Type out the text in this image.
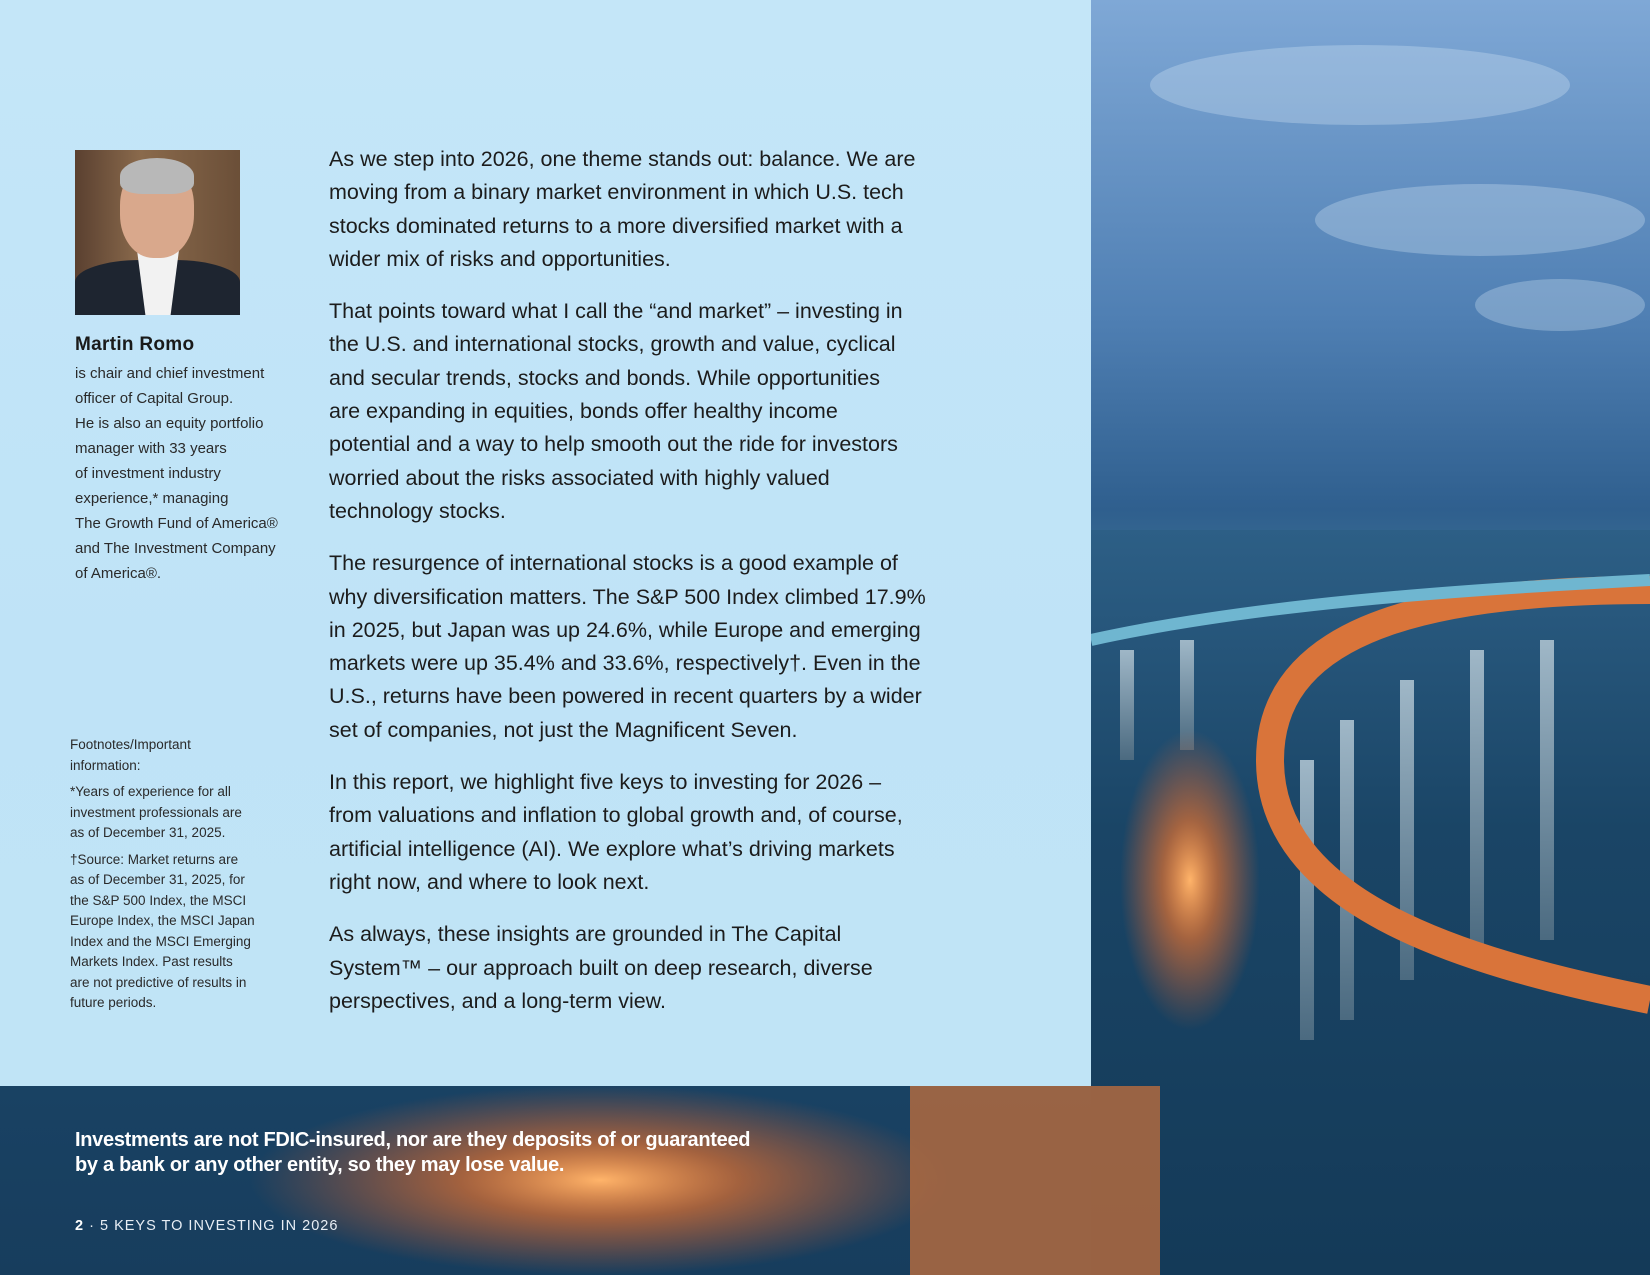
Martin Romo
is chair and chief investment
officer of Capital Group.
He is also an equity portfolio
manager with 33 years
of investment industry
experience,* managing
The Growth Fund of America®
and The Investment Company
of America®.
Footnotes/Important
information:
*Years of experience for all
investment professionals are
as of December 31, 2025.
†Source: Market returns are
as of December 31, 2025, for
the S&P 500 Index, the MSCI
Europe Index, the MSCI Japan
Index and the MSCI Emerging
Markets Index. Past results
are not predictive of results in
future periods.

As we step into 2026, one theme stands out: balance. We are
moving from a binary market environment in which U.S. tech
stocks dominated returns to a more diversified market with a
wider mix of risks and opportunities.

That points toward what I call the “and market” – investing in
the U.S. and international stocks, growth and value, cyclical
and secular trends, stocks and bonds. While opportunities
are expanding in equities, bonds offer healthy income
potential and a way to help smooth out the ride for investors
worried about the risks associated with highly valued
technology stocks.

The resurgence of international stocks is a good example of
why diversification matters. The S&P 500 Index climbed 17.9%
in 2025, but Japan was up 24.6%, while Europe and emerging
markets were up 35.4% and 33.6%, respectively†. Even in the
U.S., returns have been powered in recent quarters by a wider
set of companies, not just the Magnificent Seven.

In this report, we highlight five keys to investing for 2026 –
from valuations and inflation to global growth and, of course,
artificial intelligence (AI). We explore what’s driving markets
right now, and where to look next.

As always, these insights are grounded in The Capital
System™ – our approach built on deep research, diverse
perspectives, and a long-term view.

Investments are not FDIC-insured, nor are they deposits of or guaranteed
by a bank or any other entity, so they may lose value.
2 · 5 KEYS TO INVESTING IN 2026
